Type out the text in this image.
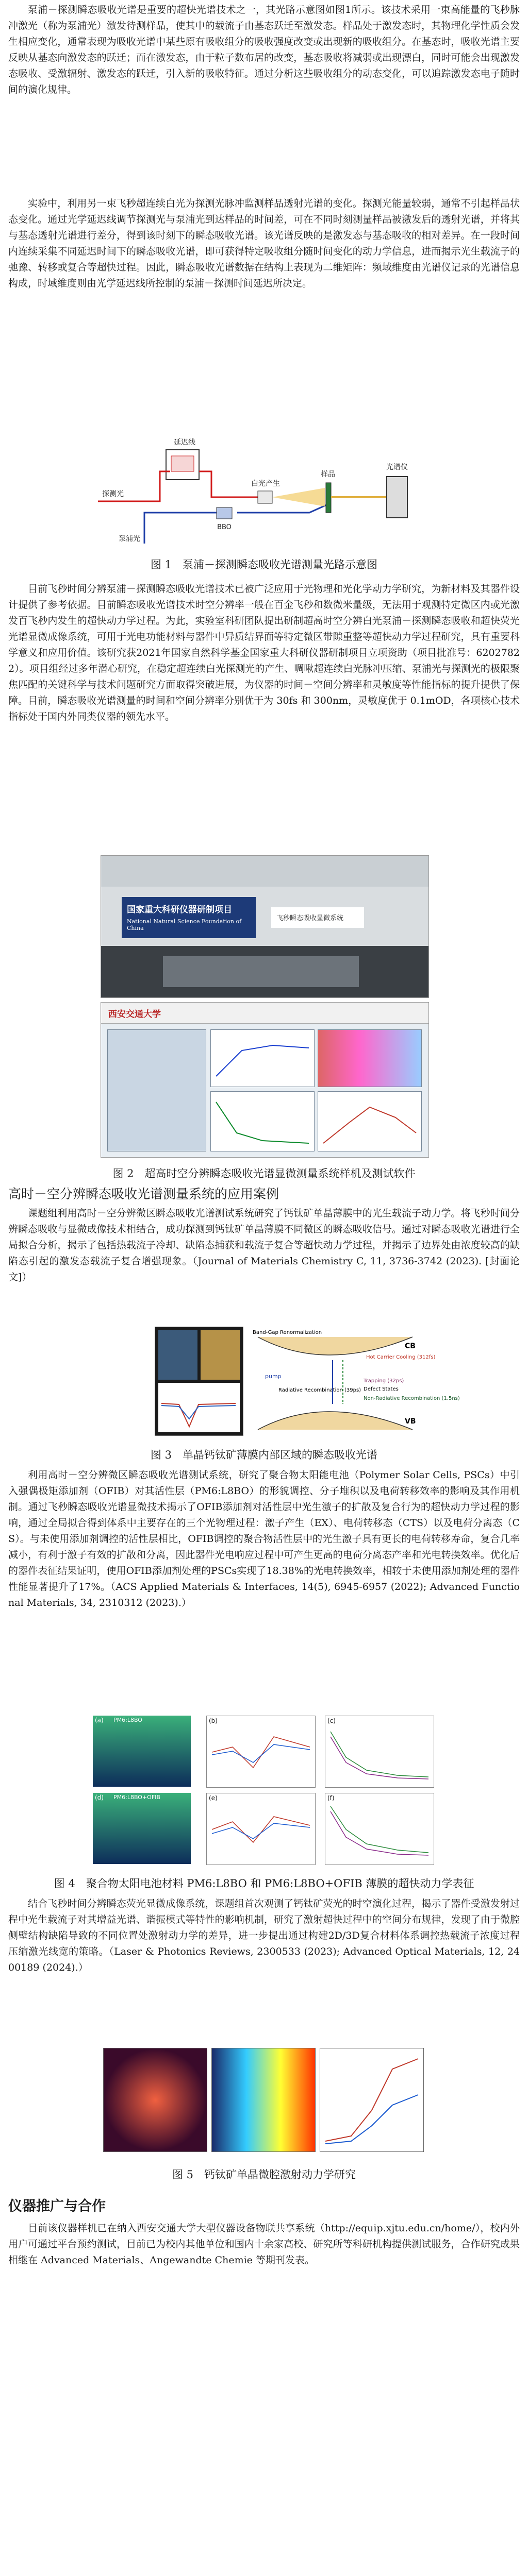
泵浦－探测瞬态吸收光谱是重要的超快光谱技术之一，其光路示意图如图1所示。该技术采用一束高能量的飞秒脉冲激光（称为泵浦光）激发待测样品，使其中的载流子由基态跃迁至激发态。样品处于激发态时，其物理化学性质会发生相应变化，通常表现为吸收光谱中某些原有吸收组分的吸收强度改变或出现新的吸收组分。在基态时，吸收光谱主要反映从基态向激发态的跃迁；而在激发态，由于粒子数布居的改变，基态吸收将减弱或出现漂白，同时可能会出现激发态吸收、受激辐射、激发态的跃迁，引入新的吸收特征。通过分析这些吸收组分的动态变化，可以追踪激发态电子随时间的演化规律。

实验中，利用另一束飞秒超连续白光为探测光脉冲监测样品透射光谱的变化。探测光能量较弱，通常不引起样品状态变化。通过光学延迟线调节探测光与泵浦光到达样品的时间差，可在不同时刻测量样品被激发后的透射光谱，并将其与基态透射光谱进行差分，得到该时刻下的瞬态吸收光谱。该光谱反映的是激发态与基态吸收的相对差异。在一段时间内连续采集不同延迟时间下的瞬态吸收光谱，即可获得特定吸收组分随时间变化的动力学信息，进而揭示光生载流子的弛豫、转移或复合等超快过程。因此，瞬态吸收光谱数据在结构上表现为二维矩阵：频域维度由光谱仪记录的光谱信息构成，时域维度则由光学延迟线所控制的泵浦－探测时间延迟所决定。

延迟线
探测光
泵浦光
BBO
白光产生
样品
光谱仪

图 1　泵浦－探测瞬态吸收光谱测量光路示意图

目前飞秒时间分辨泵浦－探测瞬态吸收光谱技术已被广泛应用于光物理和光化学动力学研究，为新材料及其器件设计提供了参考依据。目前瞬态吸收光谱技术时空分辨率一般在百金飞秒和数微米量级，无法用于观测特定微区内或光激发百飞秒内发生的超快动力学过程。为此，实验室科研团队提出研制超高时空分辨白光泵浦－探测瞬态吸收和超快荧光光谱显微成像系统，可用于光电功能材料与器件中异质结界面等特定微区带隙重整等超快动力学过程研究，具有重要科学意义和应用价值。该研究获2021年国家自然科学基金国家重大科研仪器研制项目立项资助（项目批准号：62027822）。项目组经过多年潜心研究，在稳定超连续白光探测光的产生、啁啾超连续白光脉冲压缩、泵浦光与探测光的极限聚焦匹配的关键科学与技术问题研究方面取得突破进展，为仪器的时间－空间分辨率和灵敏度等性能指标的提升提供了保障。目前，瞬态吸收光谱测量的时间和空间分辨率分别优于为 30fs 和 300nm，灵敏度优于 0.1mOD，各项核心技术指标处于国内外同类仪器的领先水平。

国家重大科研仪器研制项目
National Natural Science Foundation of China
飞秒瞬态吸收显微系统
西安交通大学

图 2　超高时空分辨瞬态吸收光谱显微测量系统样机及测试软件

高时－空分辨瞬态吸收光谱测量系统的应用案例

课题组利用高时－空分辨微区瞬态吸收光谱测试系统研究了钙钛矿单晶薄膜中的光生载流子动力学。将飞秒时间分辨瞬态吸收与显微成像技术相结合，成功探测到钙钛矿单晶薄膜不同微区的瞬态吸收信号。通过对瞬态吸收光谱进行全局拟合分析，揭示了包括热载流子冷却、缺陷态捕获和载流子复合等超快动力学过程，并揭示了边界处由浓度较高的缺陷态引起的激发态载流子复合增强现象。（Journal of Materials Chemistry C, 11, 3736-3742 (2023). [封面论文]）

CB
VB
Band-Gap Renormalization
Hot Carrier Cooling (312fs)
Trapping (32ps)
Defect States
Radiative Recombination (39ps)
Non-Radiative Recombination (1.5ns)
pump

图 3　单晶钙钛矿薄膜内部区域的瞬态吸收光谱

利用高时－空分辨微区瞬态吸收光谱测试系统，研究了聚合物太阳能电池（Polymer Solar Cells, PSCs）中引入强偶极矩添加剂（OFIB）对其活性层（PM6:L8BO）的形貌调控、分子堆积以及电荷转移效率的影响及其作用机制。通过飞秒瞬态吸收光谱显微技术揭示了OFIB添加剂对活性层中光生激子的扩散及复合行为的超快动力学过程的影响，通过全局拟合得到体系中主要存在的三个光物理过程：激子产生（EX）、电荷转移态（CTS）以及电荷分离态（CS）。与未使用添加剂调控的活性层相比，OFIB调控的聚合物活性层中的光生激子具有更长的电荷转移寿命，复合几率减小，有利于激子有效的扩散和分离，因此器件光电响应过程中可产生更高的电荷分离态产率和光电转换效率。优化后的器件表征结果证明，使用OFIB添加剂处理的PSCs实现了18.38%的光电转换效率，相较于未使用添加剂处理的器件性能显著提升了17%。（ACS Applied Materials & Interfaces, 14(5), 6945-6957 (2022); Advanced Functional Materials, 34, 2310312 (2023).）

(a) PM6:L8BO	(b)	(c)
(d) PM6:L8BO+OFIB	(e)	(f)

图 4　聚合物太阳电池材料 PM6:L8BO 和 PM6:L8BO+OFIB 薄膜的超快动力学表征

结合飞秒时间分辨瞬态荧光显微成像系统，课题组首次观测了钙钛矿荧光的时空演化过程，揭示了器件受激发射过程中光生载流子对其增益光谱、谐振模式等特性的影响机制，研究了激射超快过程中的空间分布规律，发现了由于微腔侧壁结构缺陷导致的不同位置处激射动力学的差异，进一步提出通过构建2D/3D复合材料体系调控热载流子浓度过程压缩激光线宽的策略。（Laser & Photonics Reviews, 2300533 (2023); Advanced Optical Materials, 12, 2400189 (2024).）

图 5　钙钛矿单晶微腔激射动力学研究

仪器推广与合作

目前该仪器样机已在纳入西安交通大学大型仪器设备物联共享系统（http://equip.xjtu.edu.cn/home/），校内外用户可通过平台预约测试，目前已为校内其他单位和国内十余家高校、研究所等科研机构提供测试服务，合作研究成果相继在 Advanced Materials、Angewandte Chemie 等期刊发表。
